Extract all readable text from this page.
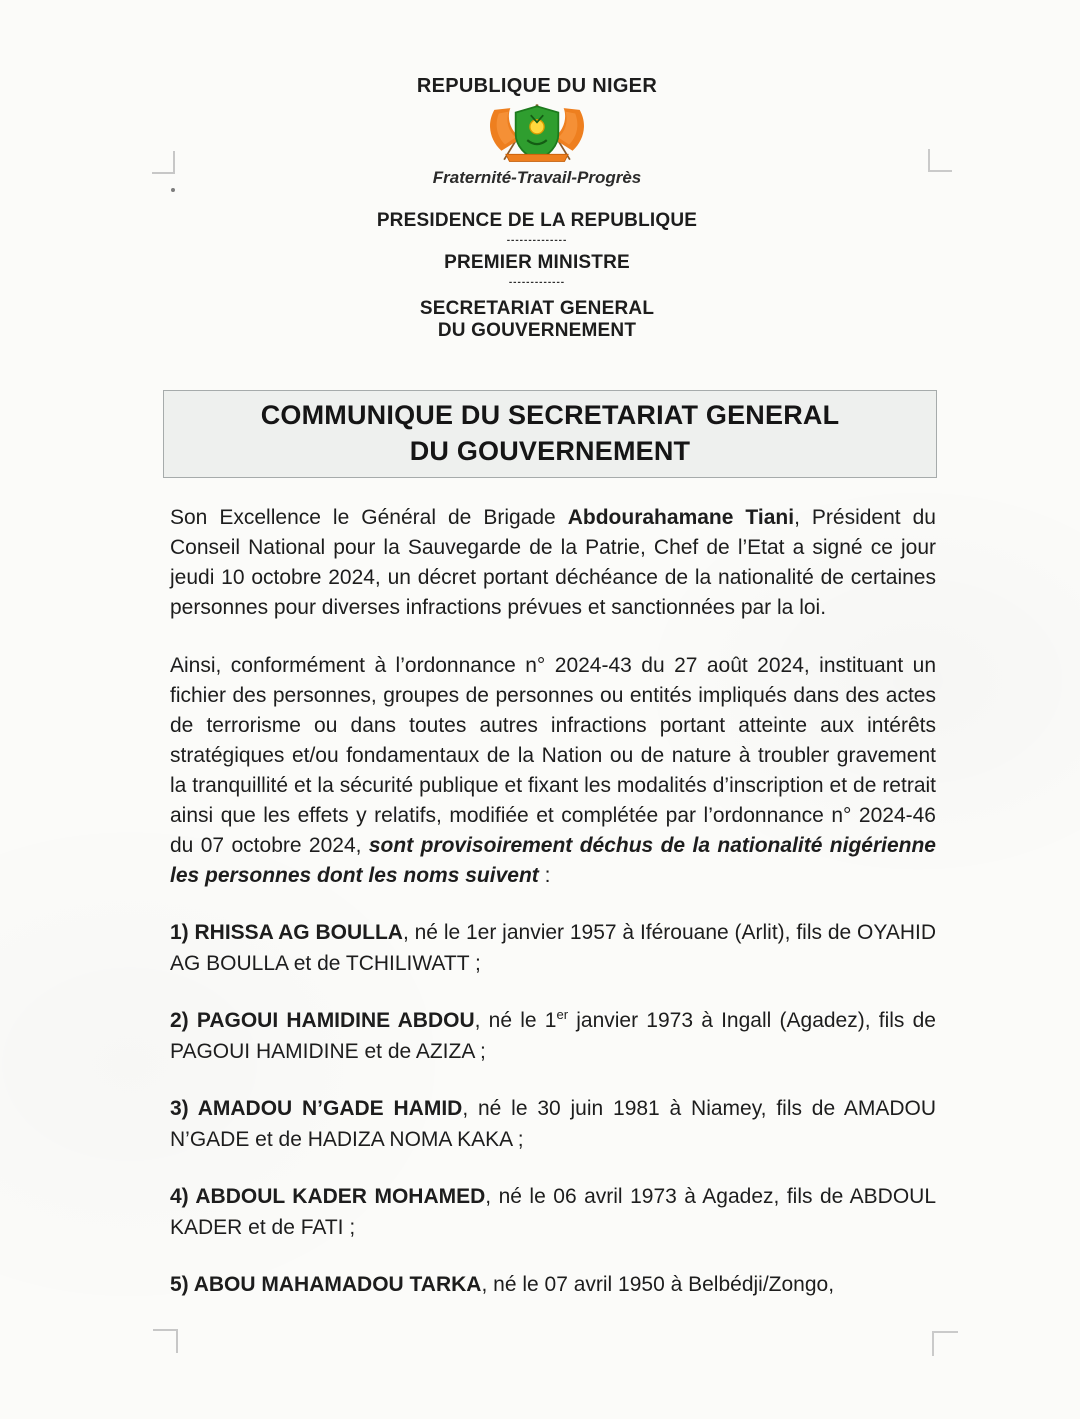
REPUBLIQUE DU NIGER
Fraternité-Travail-Progrès
PRESIDENCE DE LA REPUBLIQUE
--------------
PREMIER MINISTRE
-------------
SECRETARIAT GENERAL
DU GOUVERNEMENT
COMMUNIQUE DU SECRETARIAT GENERAL
DU GOUVERNEMENT

Son Excellence le Général de Brigade Abdourahamane Tiani, Président du Conseil National pour la Sauvegarde de la Patrie, Chef de l’Etat a signé ce jour jeudi 10 octobre 2024, un décret portant déchéance de la nationalité de certaines personnes pour diverses infractions prévues et sanctionnées par la loi.

Ainsi, conformément à l’ordonnance n° 2024-43 du 27 août 2024, instituant un fichier des personnes, groupes de personnes ou entités impliqués dans des actes de terrorisme ou dans toutes autres infractions portant atteinte aux intérêts stratégiques et/ou fondamentaux de la Nation ou de nature à troubler gravement la tranquillité et la sécurité publique et fixant les modalités d’inscription et de retrait ainsi que les effets y relatifs, modifiée et complétée par l’ordonnance n° 2024-46 du 07 octobre 2024, sont provisoirement déchus de la nationalité nigérienne les personnes dont les noms suivent :

1) RHISSA AG BOULLA, né le 1er janvier 1957 à Iférouane (Arlit), fils de OYAHID AG BOULLA et de TCHILIWATT ;

2) PAGOUI HAMIDINE ABDOU, né le 1er janvier 1973 à Ingall (Agadez), fils de PAGOUI HAMIDINE et de AZIZA ;

3) AMADOU N’GADE HAMID, né le 30 juin 1981 à Niamey, fils de AMADOU N’GADE et de HADIZA NOMA KAKA ;

4) ABDOUL KADER MOHAMED, né le 06 avril 1973 à Agadez, fils de ABDOUL KADER et de FATI ;

5) ABOU MAHAMADOU TARKA, né le 07 avril 1950 à Belbédji/Zongo,
